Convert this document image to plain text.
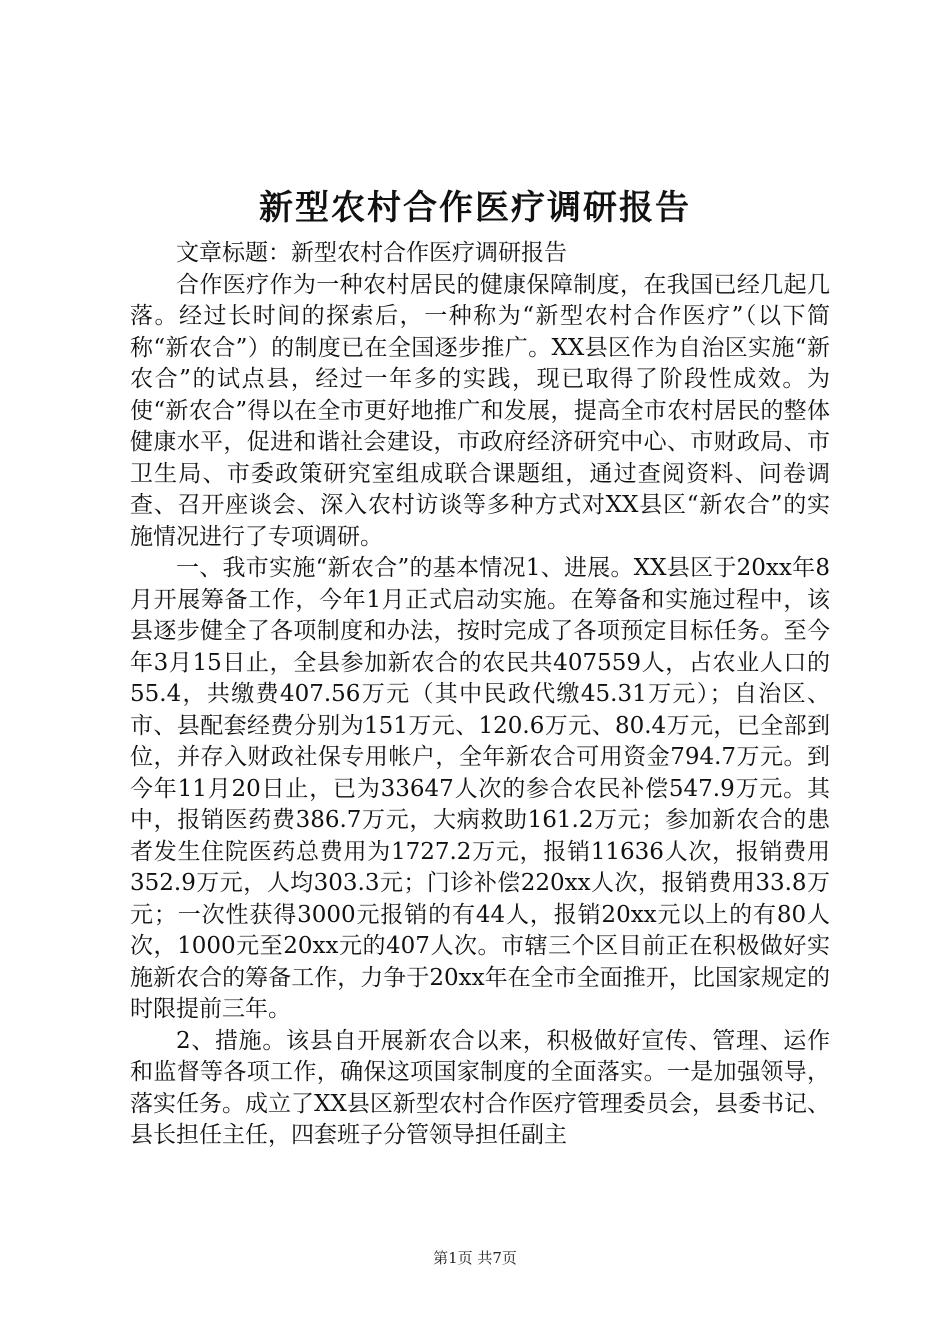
新型农村合作医疗调研报告

文章标题：新型农村合作医疗调研报告

合作医疗作为一种农村居民的健康保障制度，在我国已经几起几落。经过长时间的探索后，一种称为“新型农村合作医疗”（以下简称“新农合”）的制度已在全国逐步推广。XX县区作为自治区实施“新农合”的试点县，经过一年多的实践，现已取得了阶段性成效。为使“新农合”得以在全市更好地推广和发展，提高全市农村居民的整体健康水平，促进和谐社会建设，市政府经济研究中心、市财政局、市卫生局、市委政策研究室组成联合课题组，通过查阅资料、问卷调查、召开座谈会、深入农村访谈等多种方式对XX县区“新农合”的实施情况进行了专项调研。

一、我市实施“新农合”的基本情况1、进展。XX县区于20xx年8月开展筹备工作，今年1月正式启动实施。在筹备和实施过程中，该县逐步健全了各项制度和办法，按时完成了各项预定目标任务。至今年3月15日止，全县参加新农合的农民共407559人，占农业人口的55.4，共缴费407.56万元（其中民政代缴45.31万元）；自治区、市、县配套经费分别为151万元、120.6万元、80.4万元，已全部到位，并存入财政社保专用帐户，全年新农合可用资金794.7万元。到今年11月20日止，已为33647人次的参合农民补偿547.9万元。其中，报销医药费386.7万元，大病救助161.2万元；参加新农合的患者发生住院医药总费用为1727.2万元，报销11636人次，报销费用352.9万元，人均303.3元；门诊补偿220xx人次，报销费用33.8万元；一次性获得3000元报销的有44人，报销20xx元以上的有80人次，1000元至20xx元的407人次。市辖三个区目前正在积极做好实施新农合的筹备工作，力争于20xx年在全市全面推开，比国家规定的时限提前三年。

2、措施。该县自开展新农合以来，积极做好宣传、管理、运作和监督等各项工作，确保这项国家制度的全面落实。一是加强领导，落实任务。成立了XX县区新型农村合作医疗管理委员会，县委书记、县长担任主任，四套班子分管领导担任副主

第1页 共7页
